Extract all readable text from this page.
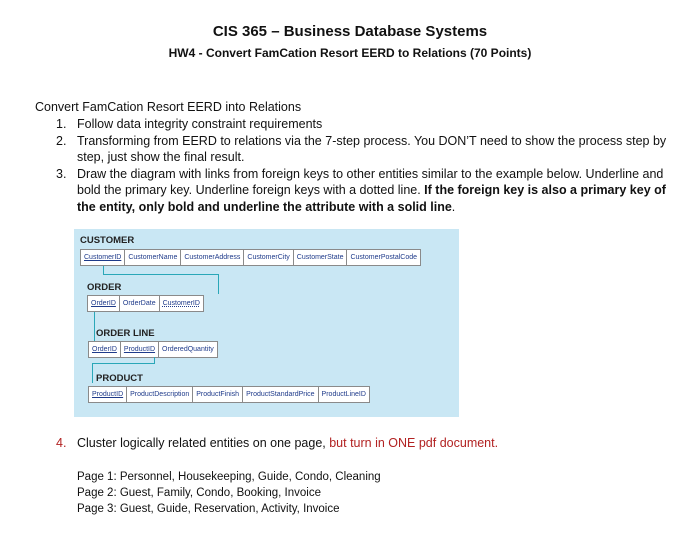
CIS 365 – Business Database Systems
HW4 - Convert FamCation Resort EERD to Relations (70 Points)
Convert FamCation Resort EERD into Relations
1. Follow data integrity constraint requirements
2. Transforming from EERD to relations via the 7-step process. You DON’T need to show the process step by step, just show the final result.
3. Draw the diagram with links from foreign keys to other entities similar to the example below. Underline and bold the primary key. Underline foreign keys with a dotted line. If the foreign key is also a primary key of the entity, only bold and underline the attribute with a solid line.
CUSTOMER
CustomerID	CustomerName	CustomerAddress	CustomerCity	CustomerState	CustomerPostalCode
ORDER
OrderID	OrderDate	CustomerID
ORDER LINE
OrderID	ProductID	OrderedQuantity
PRODUCT
ProductID	ProductDescription	ProductFinish	ProductStandardPrice	ProductLineID
4. Cluster logically related entities on one page, but turn in ONE pdf document.
Page 1: Personnel, Housekeeping, Guide, Condo, Cleaning
Page 2: Guest, Family, Condo, Booking, Invoice
Page 3: Guest, Guide, Reservation, Activity, Invoice
